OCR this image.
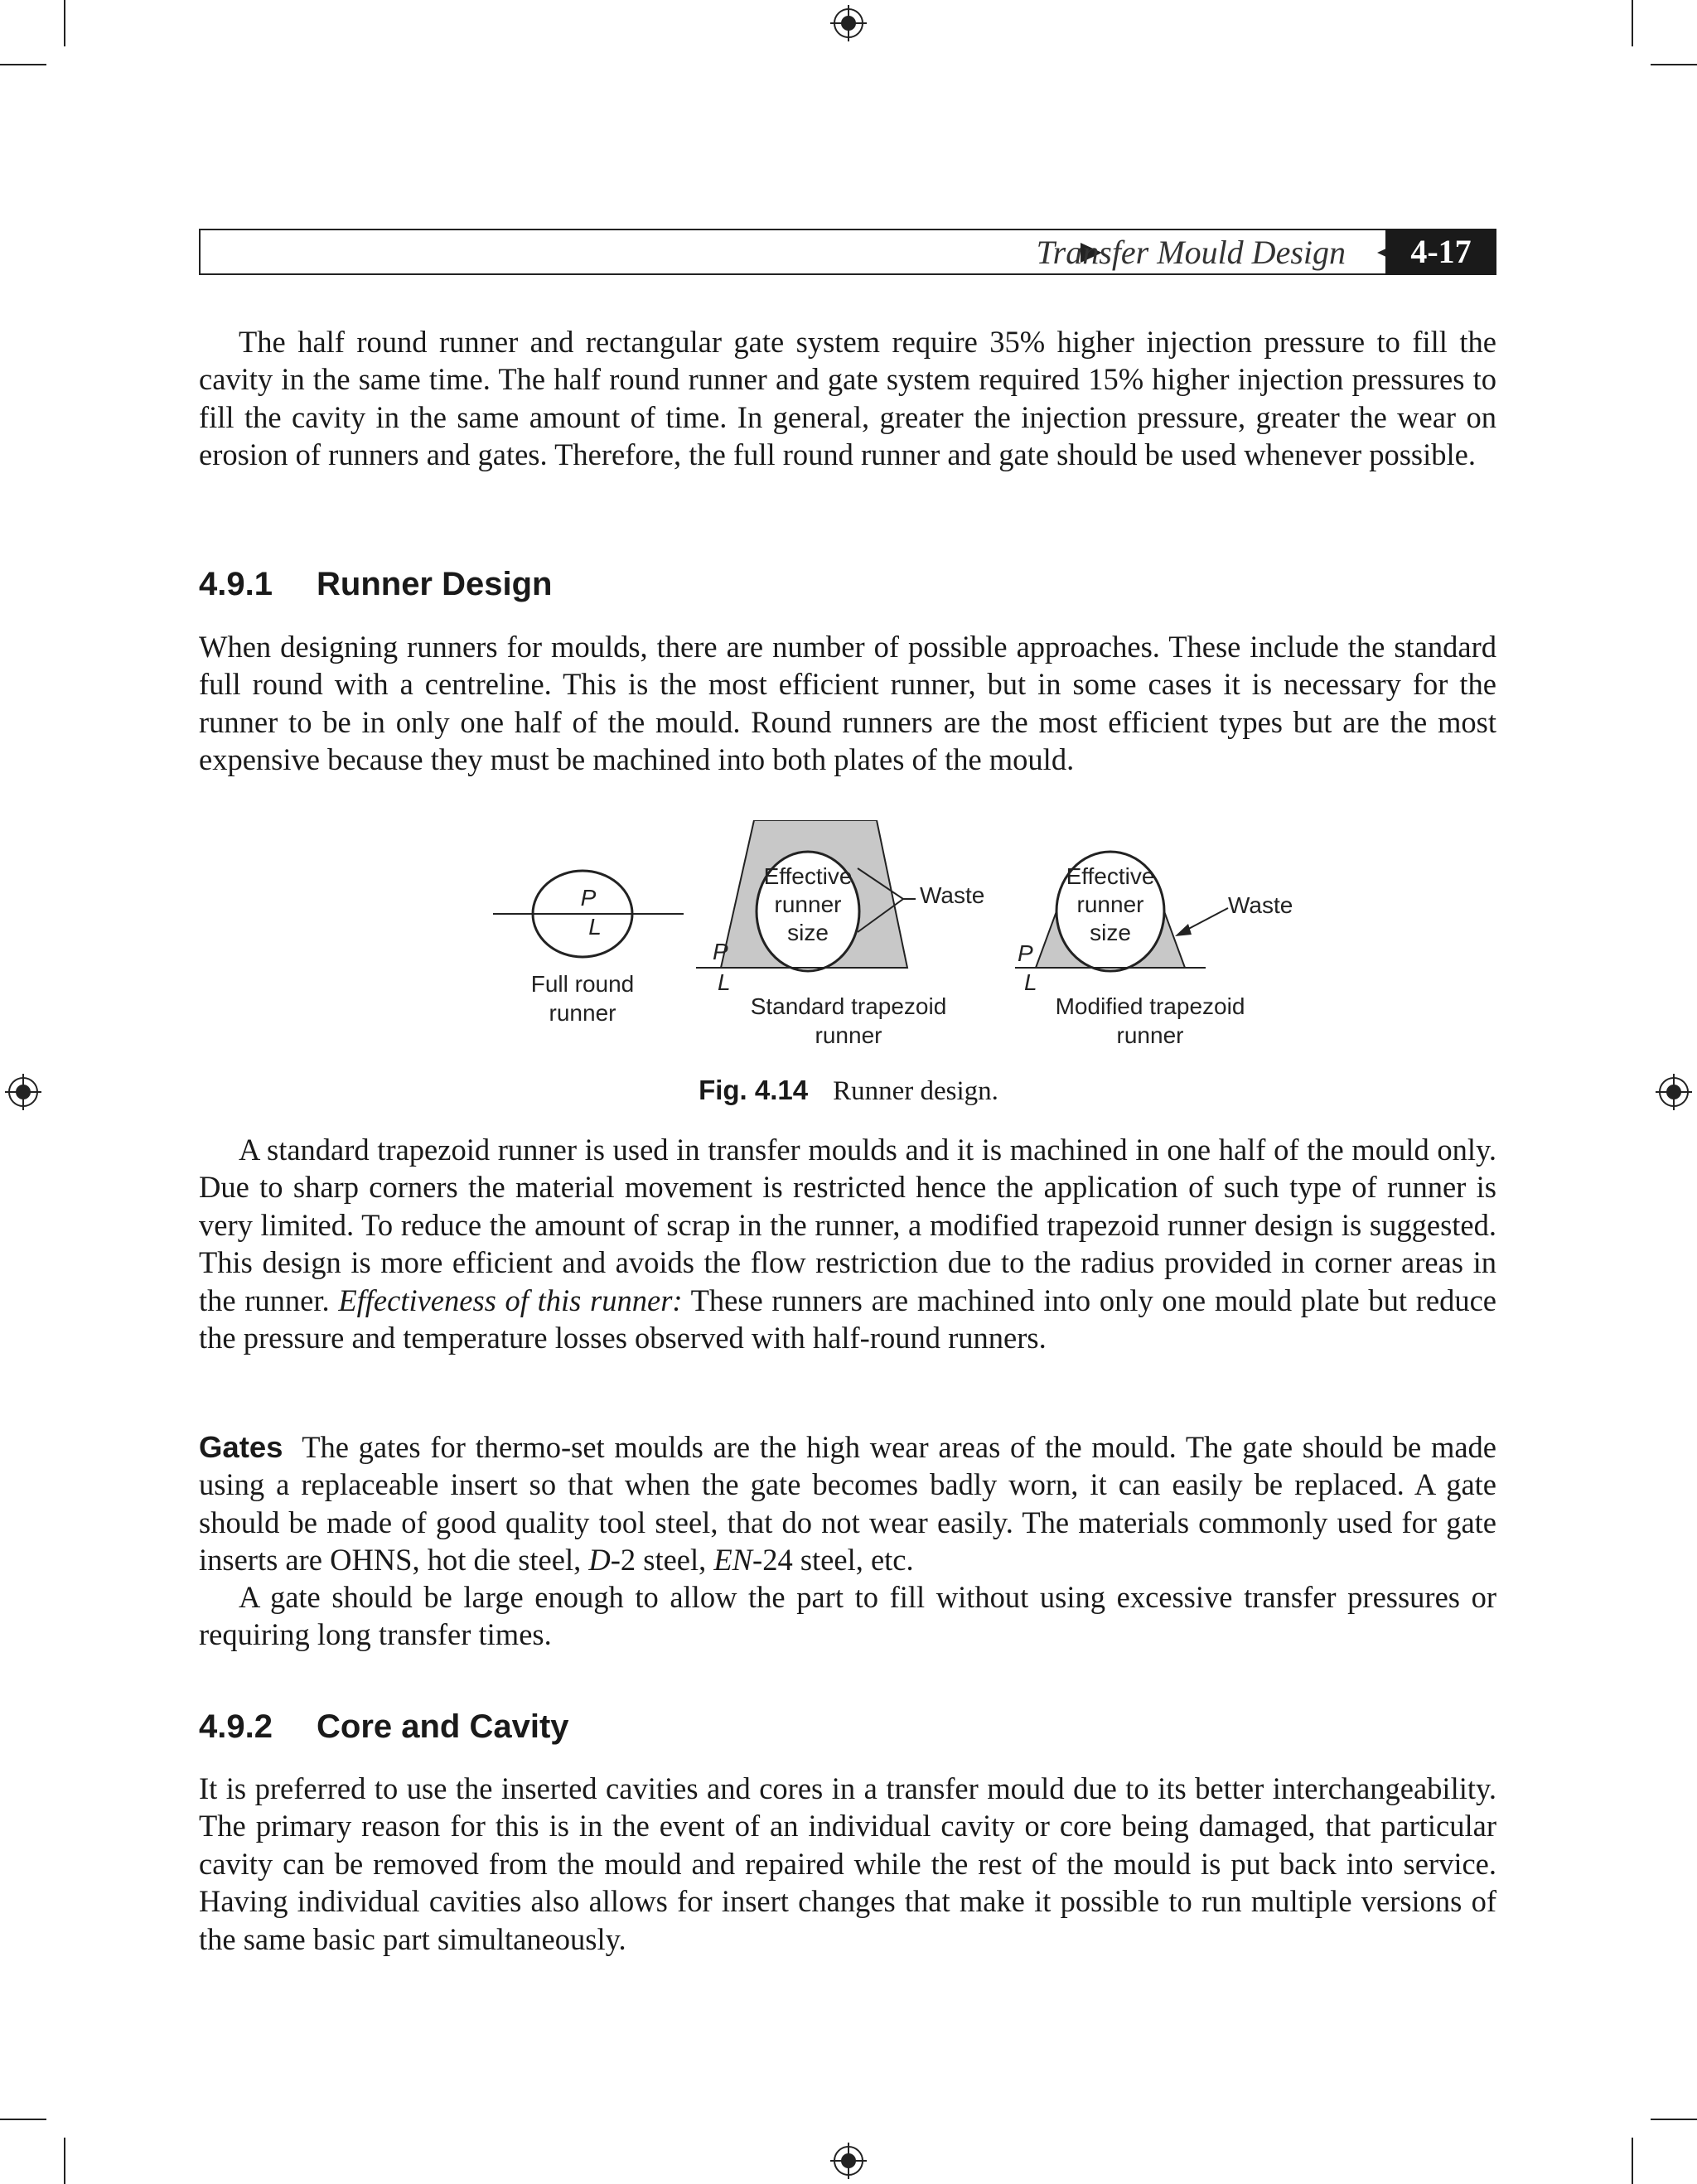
Transfer Mould Design	4-17

The half round runner and rectangular gate system require 35% higher injection pressure to fill the cavity in the same time. The half round runner and gate system required 15% higher injection pressures to fill the cavity in the same amount of time. In general, greater the injection pressure, greater the wear on erosion of runners and gates. Therefore, the full round runner and gate should be used whenever possible.

4.9.1 Runner Design

When designing runners for moulds, there are number of possible approaches. These include the standard full round with a centreline. This is the most efficient runner, but in some cases it is necessary for the runner to be in only one half of the mould. Round runners are the most efficient types but are the most expensive because they must be machined into both plates of the mould.

P
L
Full round
runner
Effective
runner
size
Waste
P
L
Standard trapezoid
runner
Effective
runner
size
Waste
P
L
Modified trapezoid
runner
Fig. 4.14 Runner design.

A standard trapezoid runner is used in transfer moulds and it is machined in one half of the mould only. Due to sharp corners the material movement is restricted hence the application of such type of runner is very limited. To reduce the amount of scrap in the runner, a modified trapezoid runner design is suggested. This design is more efficient and avoids the flow restriction due to the radius provided in corner areas in the runner. Effectiveness of this runner: These runners are machined into only one mould plate but reduce the pressure and temperature losses observed with half-round runners.

Gates  The gates for thermo-set moulds are the high wear areas of the mould. The gate should be made using a replaceable insert so that when the gate becomes badly worn, it can easily be replaced. A gate should be made of good quality tool steel, that do not wear easily. The materials commonly used for gate inserts are OHNS, hot die steel, D-2 steel, EN-24 steel, etc.

A gate should be large enough to allow the part to fill without using excessive transfer pressures or requiring long transfer times.

4.9.2 Core and Cavity

It is preferred to use the inserted cavities and cores in a transfer mould due to its better interchangeability. The primary reason for this is in the event of an individual cavity or core being damaged, that particular cavity can be removed from the mould and repaired while the rest of the mould is put back into service. Having individual cavities also allows for insert changes that make it possible to run multiple versions of the same basic part simultaneously.
